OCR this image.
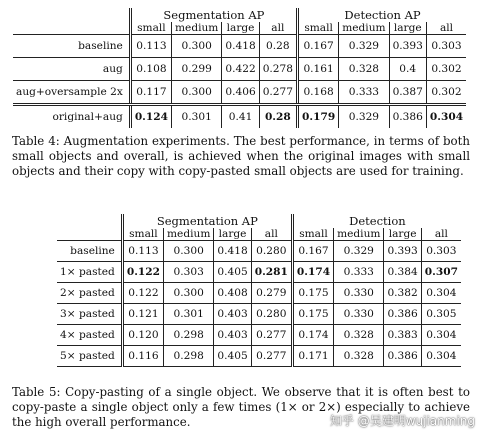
	Segmentation AP				Detection AP			
	small	medium	large	all	small	medium	large	all
baseline	0.113	0.300	0.418	0.28	0.167	0.329	0.393	0.303
aug	0.108	0.299	0.422	0.278	0.161	0.328	0.4	0.302
aug+oversample 2x	0.117	0.300	0.406	0.277	0.168	0.333	0.387	0.302
original+aug	0.124	0.301	0.41	0.28	0.179	0.329	0.386	0.304

Table 4: Augmentation experiments. The best performance, in terms of both small objects and overall, is achieved when the original images with small objects and their copy with copy-pasted small objects are used for training.

	Segmentation AP				Detection			
	small	medium	large	all	small	medium	large	all
baseline	0.113	0.300	0.418	0.280	0.167	0.329	0.393	0.303
1× pasted	0.122	0.303	0.405	0.281	0.174	0.333	0.384	0.307
2× pasted	0.122	0.300	0.408	0.279	0.175	0.330	0.382	0.304
3× pasted	0.121	0.301	0.403	0.280	0.175	0.330	0.386	0.305
4× pasted	0.120	0.298	0.403	0.277	0.174	0.328	0.383	0.304
5× pasted	0.116	0.298	0.405	0.277	0.171	0.328	0.386	0.304

Table 5: Copy-pasting of a single object. We observe that it is often best to copy-paste a single object only a few times (1× or 2×) especially to achieve the high overall performance.	知乎 @吴建明wujianming
